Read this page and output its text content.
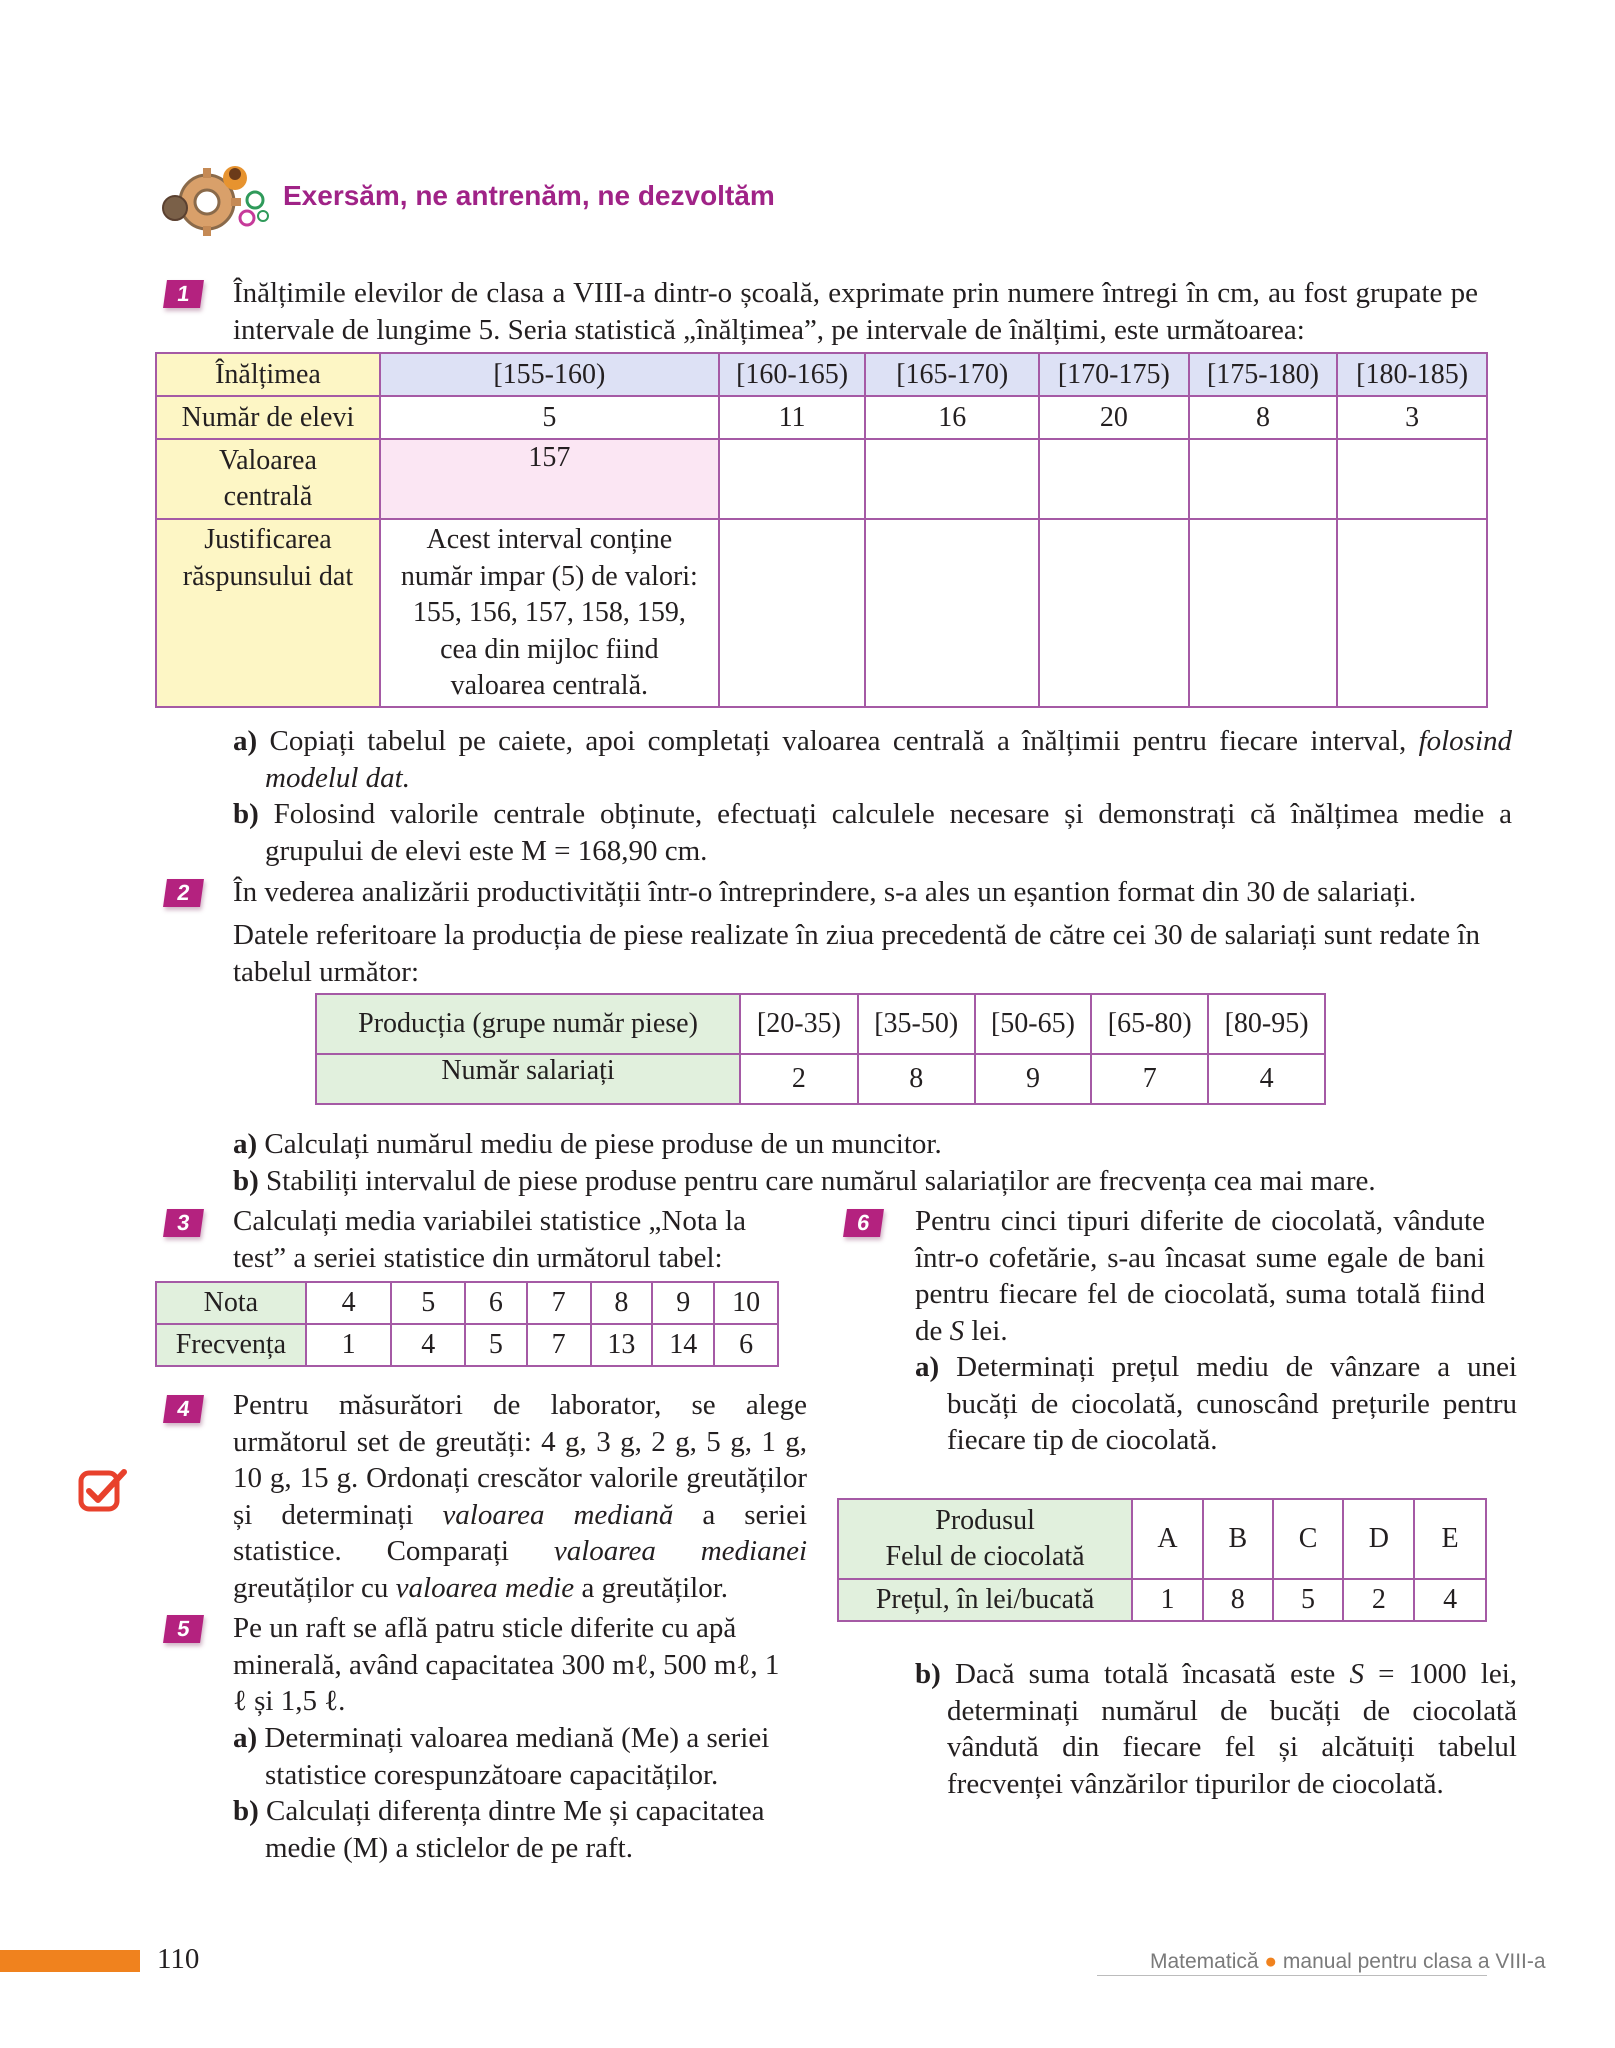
Exersăm, ne antrenăm, ne dezvoltăm
1	Înălțimile elevilor de clasa a VIII-a dintr-o școală, exprimate prin numere întregi în cm, au fost grupate pe intervale de lungime 5. Seria statistică „înălțimea”, pe intervale de înălțimi, este următoarea:
Înălțimea	[155-160)	[160-165)	[165-170)	[170-175)	[175-180)	[180-185)
Număr de elevi	5	11	16	20	8	3

Valoarea centrală	157					

Justificarea răspunsului dat	Acest interval conține număr impar (5) de valori: 155, 156, 157, 158, 159, cea din mijloc fiind valoarea centrală.					

a) Copiați tabelul pe caiete, apoi completați valoarea centrală a înălțimii pentru fiecare interval, folosind modelul dat.
b) Folosind valorile centrale obținute, efectuați calculele necesare și demonstrați că înălțimea medie a grupului de elevi este M = 168,90 cm.
2	În vederea analizării productivității într-o întreprindere, s-a ales un eșantion format din 30 de salariați.
Datele referitoare la producția de piese realizate în ziua precedentă de către cei 30 de salariați sunt redate în tabelul următor:
Producția (grupe număr piese)	[20-35)	[35-50)	[50-65)	[65-80)	[80-95)
Număr salariați	2	8	9	7	4
a) Calculați numărul mediu de piese produse de un muncitor.
b) Stabiliți intervalul de piese produse pentru care numărul salariaților are frecvența cea mai mare.
3	Calculați media variabilei statistice „Nota la test” a seriei statistice din următorul tabel:
Nota	4	5	6	7	8	9	10
Frecvența	1	4	5	7	13	14	6
4	Pentru măsurători de laborator, se alege următorul set de greutăți: 4 g, 3 g, 2 g, 5 g, 1 g, 10 g, 15 g. Ordonați crescător valorile greutăților și determinați valoarea mediană a seriei statistice. Comparați valoarea medianei greutăților cu valoarea medie a greutăților.
5	Pe un raft se află patru sticle diferite cu apă minerală, având capacitatea 300 mℓ, 500 mℓ, 1 ℓ și 1,5 ℓ.
a) Determinați valoarea mediană (Me) a seriei statistice corespunzătoare capacităților.
b) Calculați diferența dintre Me și capacitatea medie (M) a sticlelor de pe raft.
6	Pentru cinci tipuri diferite de ciocolată, vândute într-o cofetărie, s-au încasat sume egale de bani pentru fiecare fel de ciocolată, suma totală fiind de S lei.
a) Determinați prețul mediu de vânzare a unei bucăți de ciocolată, cunoscând prețurile pentru fiecare tip de ciocolată.
Produsul
Felul de ciocolată	A	B	C	D	E
Prețul, în lei/bucată	1	8	5	2	4
b) Dacă suma totală încasată este S = 1000 lei, determinați numărul de bucăți de ciocolată vândută din fiecare fel și alcătuiți tabelul frecvenței vânzărilor tipurilor de ciocolată.
110	Matematică ● manual pentru clasa a VIII-a
